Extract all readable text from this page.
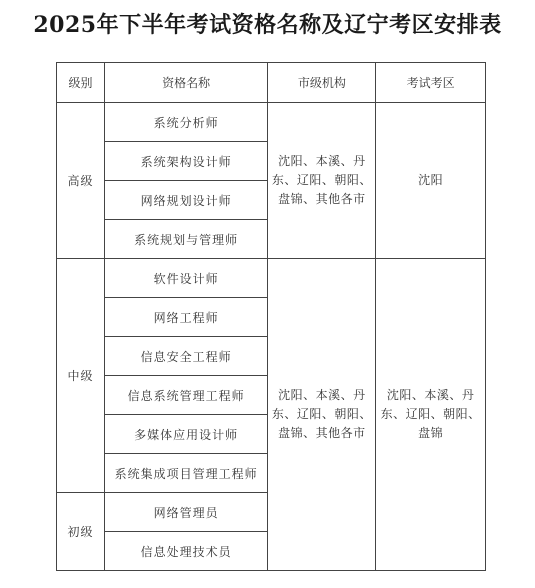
2025年下半年考试资格名称及辽宁考区安排表
级别	资格名称	市级机构	考试考区
高级	系统分析师	沈阳、本溪、丹东、辽阳、朝阳、盘锦、其他各市	沈阳
	系统架构设计师		
	网络规划设计师		
	系统规划与管理师		
中级	软件设计师	沈阳、本溪、丹东、辽阳、朝阳、盘锦、其他各市	沈阳、本溪、丹东、辽阳、朝阳、盘锦
	网络工程师		
	信息安全工程师		
	信息系统管理工程师		
	多媒体应用设计师		
	系统集成项目管理工程师		
初级	网络管理员		
	信息处理技术员		
